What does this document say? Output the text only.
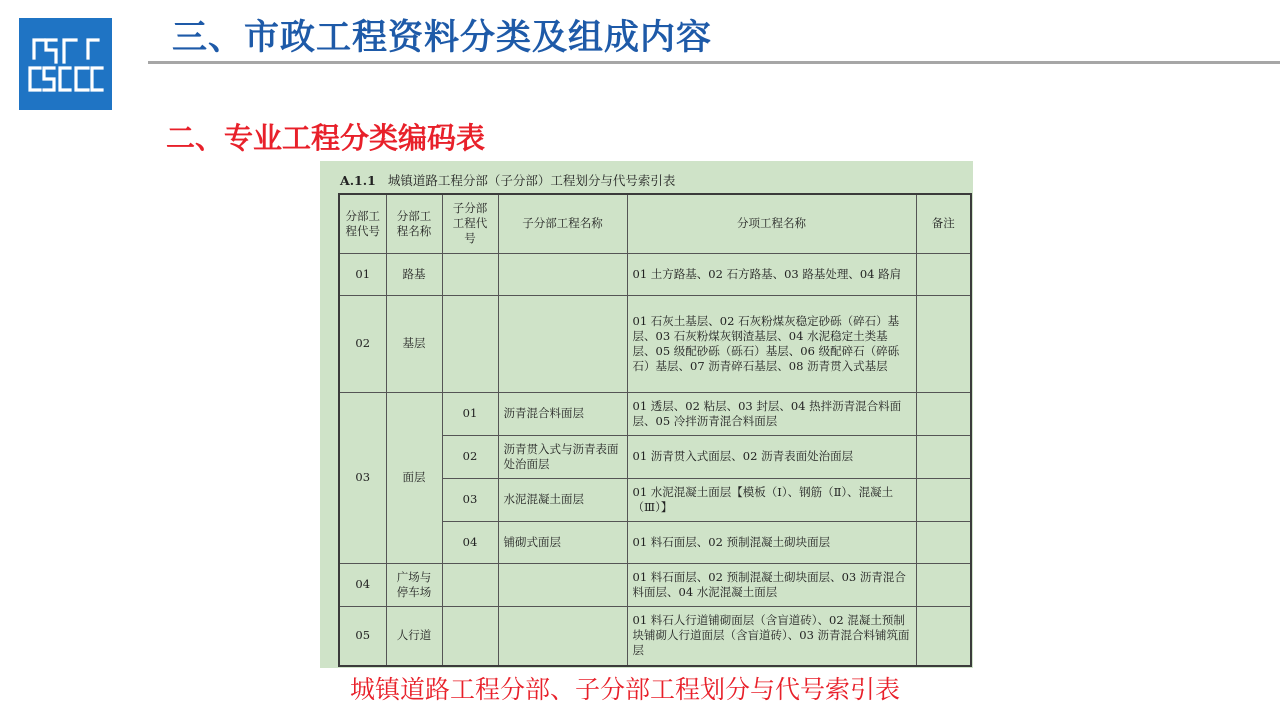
三、市政工程资料分类及组成内容
二、专业工程分类编码表
A.1.1 城镇道路工程分部（子分部）工程划分与代号索引表
分部工程代号	分部工程名称	子分部工程代号	子分部工程名称	分项工程名称	备注
01	路基			01 土方路基、02 石方路基、03 路基处理、04 路肩	
02	基层			01 石灰土基层、02 石灰粉煤灰稳定砂砾（碎石）基层、03 石灰粉煤灰钢渣基层、04 水泥稳定土类基层、05 级配砂砾（砾石）基层、06 级配碎石（碎砾石）基层、07 沥青碎石基层、08 沥青贯入式基层	
03	面层	01	沥青混合料面层	01 透层、02 粘层、03 封层、04 热拌沥青混合料面层、05 冷拌沥青混合料面层	
		02	沥青贯入式与沥青表面处治面层	01 沥青贯入式面层、02 沥青表面处治面层	
		03	水泥混凝土面层	01 水泥混凝土面层【模板（Ⅰ）、钢筋（Ⅱ）、混凝土（Ⅲ）】	
		04	铺砌式面层	01 料石面层、02 预制混凝土砌块面层	
04	广场与停车场			01 料石面层、02 预制混凝土砌块面层、03 沥青混合料面层、04 水泥混凝土面层	
05	人行道			01 料石人行道铺砌面层（含盲道砖）、02 混凝土预制块铺砌人行道面层（含盲道砖）、03 沥青混合料铺筑面层	

城镇道路工程分部、子分部工程划分与代号索引表
